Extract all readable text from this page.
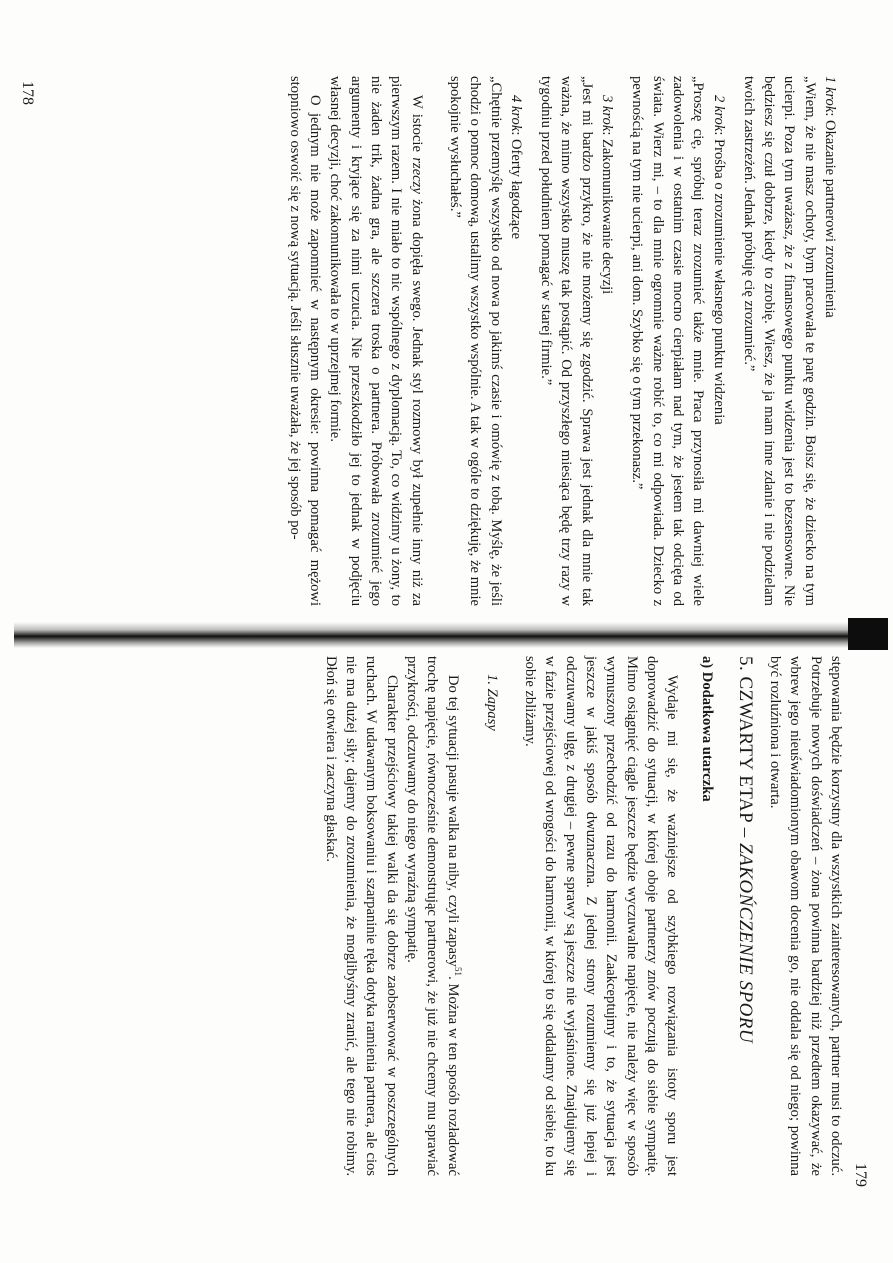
1 krok: Okazanie partnerowi zrozumienia

„Wiem, że nie masz ochoty, bym pracowała te parę godzin. Boisz się, że dziecko na tym ucierpi. Poza tym uważasz, że z finansowego punktu widzenia jest to bezsensowne. Nie będziesz się czuł dobrze, kiedy to zrobię. Wiesz, że ja mam inne zdanie i nie podzielam twoich zastrzeżeń. Jednak próbuję cię zrozumieć.”

2 krok: Prośba o zrozumienie własnego punktu widzenia

„Proszę cię, spróbuj teraz zrozumieć także mnie. Praca przynosiła mi dawniej wiele zadowolenia i w ostatnim czasie mocno cierpiałam nad tym, że jestem tak odcięta od świata. Wierz mi, – to dla mnie ogromnie ważne robić to, co mi odpowiada. Dziecko z pewnością na tym nie ucierpi, ani dom. Szybko się o tym przekonasz.”

3 krok: Zakomunikowanie decyzji

„Jest mi bardzo przykro, że nie możemy się zgodzić. Sprawa jest jednak dla mnie tak ważna, że mimo wszystko muszę tak postąpić. Od przyszłego miesiąca będę trzy razy w tygodniu przed południem pomagać w starej firmie.”

4 krok: Oferty łagodzące

„Chętnie przemyślę wszystko od nowa po jakimś czasie i omówię z tobą. Myślę, że jeśli chodzi o pomoc domową, ustalimy wszystko wspólnie. A tak w ogóle to dziękuję, że mnie spokojnie wysłuchałeś.”

W istocie rzeczy żona dopięła swego. Jednak styl rozmowy był zupełnie inny niż za pierwszym razem. I nie miało to nic wspólnego z dyplomacją. To, co widzimy u żony, to nie żaden trik, żadna gra, ale szczera troska o partnera. Próbowała zrozumieć jego argumenty i kryjące się za nimi uczucia. Nie przeszkodziło jej to jednak w podjęciu własnej decyzji, choć zakomunikowała to w uprzejmej formie.

O jednym nie może zapomnieć w następnym okresie: powinna pomagać mężowi stopniowo oswoić się z nową sytuacją. Jeśli słusznie uważała, że jej sposób po-

178

stępowania będzie korzystny dla wszystkich zainteresowanych, partner musi to odczuć. Potrzebuje nowych doświadczeń – żona powinna bardziej niż przedtem okazywać, że wbrew jego nieuświadomionym obawom docenia go, nie oddala się od niego; powinna być rozluźniona i otwarta.

5. CZWARTY ETAP – ZAKOŃCZENIE SPORU
a) Dodatkowa utarczka

Wydaje mi się, że ważniejsze od szybkiego rozwiązania istoty sporu jest doprowadzić do sytuacji, w której oboje partnerzy znów poczują do siebie sympatię. Mimo osiągnięć ciągle jeszcze będzie wyczuwalne napięcie, nie należy więc w sposób wymuszony przechodzić od razu do harmonii. Zaakceptujmy i to, że sytuacja jest jeszcze w jakiś sposób dwuznaczna. Z jednej strony rozumiemy się już lepiej i odczuwamy ulgę, z drugiej – pewne sprawy są jeszcze nie wyjaśnione. Znajdujemy się w fazie przejściowej od wrogości do harmonii, w której to się oddalamy od siebie, to ku sobie zbliżamy.

1. Zapasy

Do tej sytuacji pasuje walka na niby, czyli zapasy$^{51}$. Można w ten sposób rozładować trochę napięcie, równocześnie demonstrując partnerowi, że już nie chcemy mu sprawiać przykrości, odczuwamy do niego wyraźną sympatię.

Charakter przejściowy takiej walki da się dobrze zaobserwować w poszczególnych ruchach. W udawanym boksowaniu i szarpaninie ręka dotyka ramienia partnera, ale cios nie ma dużej siły; dajemy do zrozumienia, że moglibyśmy zranić, ale tego nie robimy. Dłoń się otwiera i zaczyna głaskać.

179
